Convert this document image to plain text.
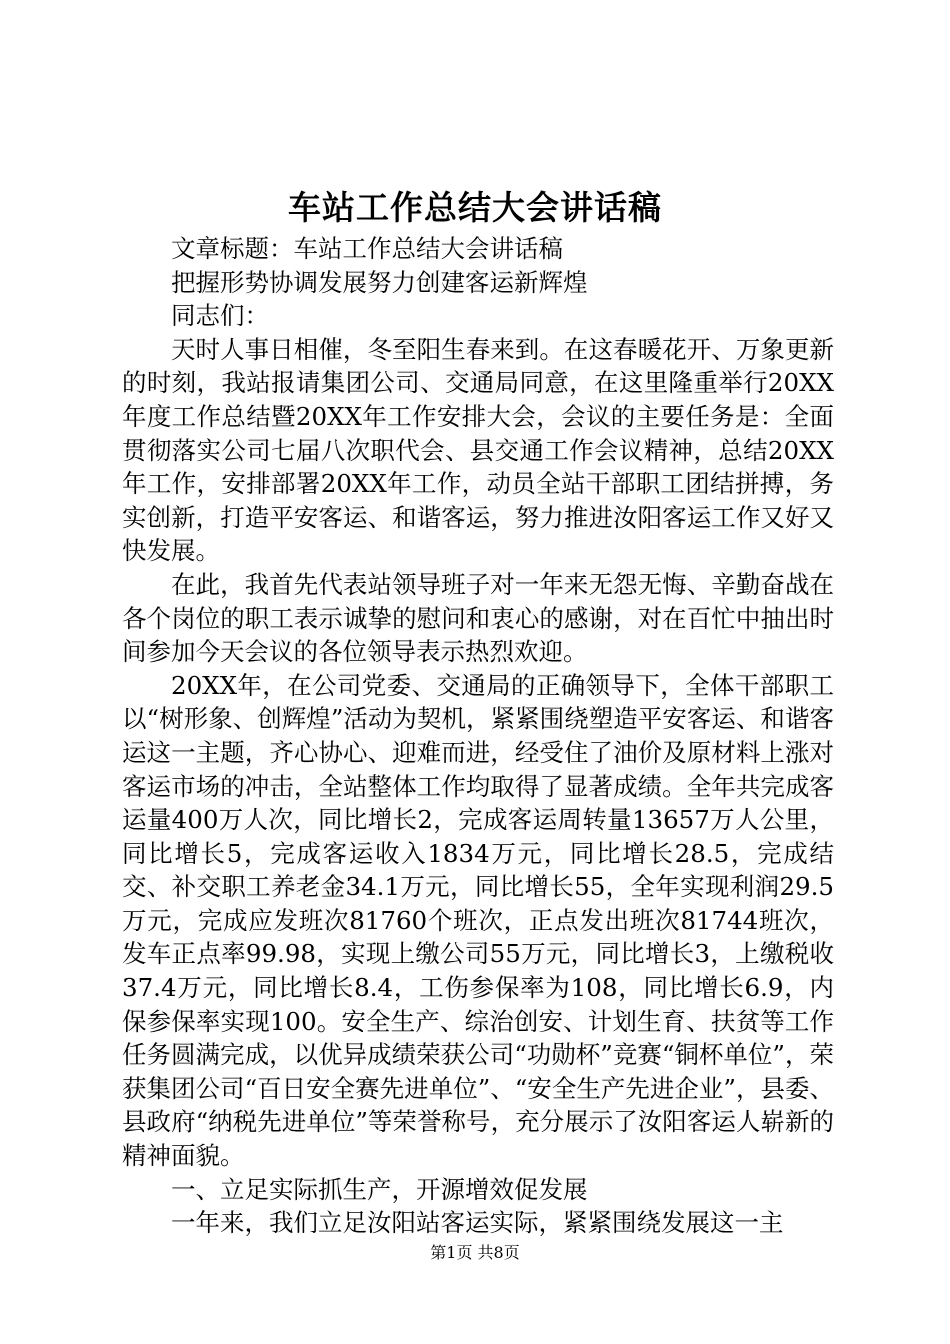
车站工作总结大会讲话稿

文章标题：车站工作总结大会讲话稿

把握形势协调发展努力创建客运新辉煌

同志们：

天时人事日相催，冬至阳生春来到。在这春暖花开、万象更新的时刻，我站报请集团公司、交通局同意，在这里隆重举行20XX年度工作总结暨20XX年工作安排大会，会议的主要任务是：全面贯彻落实公司七届八次职代会、县交通工作会议精神，总结20XX年工作，安排部署20XX年工作，动员全站干部职工团结拼搏，务实创新，打造平安客运、和谐客运，努力推进汝阳客运工作又好又快发展。

在此，我首先代表站领导班子对一年来无怨无悔、辛勤奋战在各个岗位的职工表示诚挚的慰问和衷心的感谢，对在百忙中抽出时间参加今天会议的各位领导表示热烈欢迎。

20XX年，在公司党委、交通局的正确领导下，全体干部职工以“树形象、创辉煌”活动为契机，紧紧围绕塑造平安客运、和谐客运这一主题，齐心协心、迎难而进，经受住了油价及原材料上涨对客运市场的冲击，全站整体工作均取得了显著成绩。全年共完成客运量400万人次，同比增长2，完成客运周转量13657万人公里，同比增长5，完成客运收入1834万元，同比增长28.5，完成结交、补交职工养老金34.1万元，同比增长55，全年实现利润29.5万元，完成应发班次81760个班次，正点发出班次81744班次，发车正点率99.98，实现上缴公司55万元，同比增长3，上缴税收37.4万元，同比增长8.4，工伤参保率为108，同比增长6.9，内保参保率实现100。安全生产、综治创安、计划生育、扶贫等工作任务圆满完成，以优异成绩荣获公司“功勋杯”竞赛“铜杯单位”，荣获集团公司“百日安全赛先进单位”、“安全生产先进企业”，县委、县政府“纳税先进单位”等荣誉称号，充分展示了汝阳客运人崭新的精神面貌。

一、立足实际抓生产，开源增效促发展

一年来，我们立足汝阳站客运实际，紧紧围绕发展这一主

第1页 共8页
